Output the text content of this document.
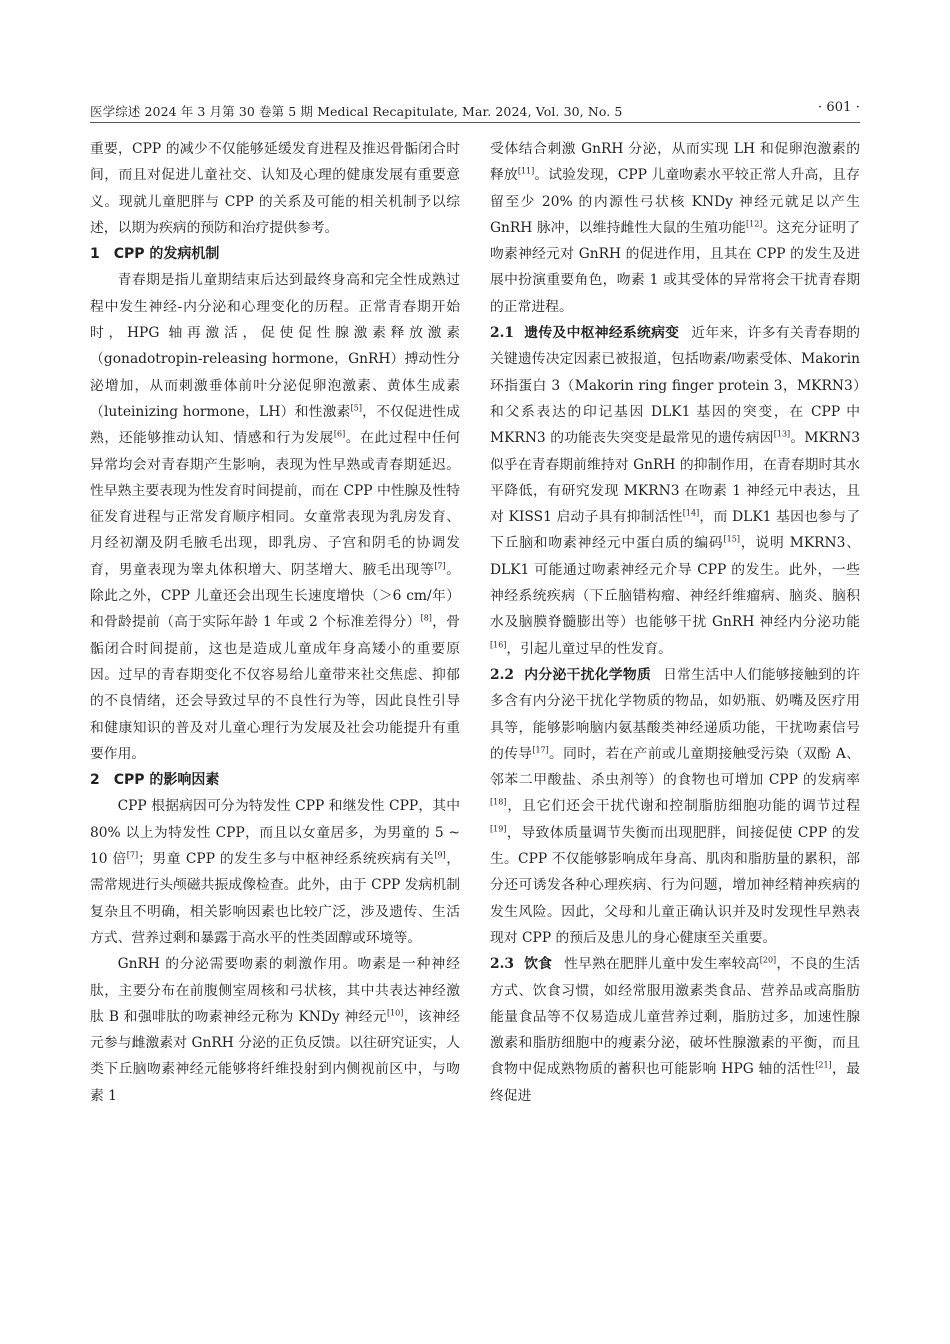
医学综述 2024 年 3 月第 30 卷第 5 期 Medical Recapitulate, Mar. 2024, Vol. 30, No. 5	· 601 ·

重要，CPP 的减少不仅能够延缓发育进程及推迟骨骺闭合时间，而且对促进儿童社交、认知及心理的健康发展有重要意义。现就儿童肥胖与 CPP 的关系及可能的相关机制予以综述，以期为疾病的预防和治疗提供参考。

1 CPP 的发病机制

青春期是指儿童期结束后达到最终身高和完全性成熟过程中发生神经-内分泌和心理变化的历程。正常青春期开始时，HPG 轴再激活，促使促性腺激素释放激素（gonadotropin-releasing hormone，GnRH）搏动性分泌增加，从而刺激垂体前叶分泌促卵泡激素、黄体生成素（luteinizing hormone，LH）和性激素[5]，不仅促进性成熟，还能够推动认知、情感和行为发展[6]。在此过程中任何异常均会对青春期产生影响，表现为性早熟或青春期延迟。性早熟主要表现为性发育时间提前，而在 CPP 中性腺及性特征发育进程与正常发育顺序相同。女童常表现为乳房发育、月经初潮及阴毛腋毛出现，即乳房、子宫和阴毛的协调发育，男童表现为睾丸体积增大、阴茎增大、腋毛出现等[7]。除此之外，CPP 儿童还会出现生长速度增快（＞6 cm/年）和骨龄提前（高于实际年龄 1 年或 2 个标准差得分）[8]，骨骺闭合时间提前，这也是造成儿童成年身高矮小的重要原因。过早的青春期变化不仅容易给儿童带来社交焦虑、抑郁的不良情绪，还会导致过早的不良性行为等，因此良性引导和健康知识的普及对儿童心理行为发展及社会功能提升有重要作用。

2 CPP 的影响因素

CPP 根据病因可分为特发性 CPP 和继发性 CPP，其中 80% 以上为特发性 CPP，而且以女童居多，为男童的 5 ~ 10 倍[7]；男童 CPP 的发生多与中枢神经系统疾病有关[9]，需常规进行头颅磁共振成像检查。此外，由于 CPP 发病机制复杂且不明确，相关影响因素也比较广泛，涉及遗传、生活方式、营养过剩和暴露于高水平的性类固醇或环境等。

GnRH 的分泌需要吻素的刺激作用。吻素是一种神经肽，主要分布在前腹侧室周核和弓状核，其中共表达神经激肽 B 和强啡肽的吻素神经元称为 KNDy 神经元[10]，该神经元参与雌激素对 GnRH 分泌的正负反馈。以往研究证实，人类下丘脑吻素神经元能够将纤维投射到内侧视前区中，与吻素 1

受体结合刺激 GnRH 分泌，从而实现 LH 和促卵泡激素的释放[11]。试验发现，CPP 儿童吻素水平较正常人升高，且存留至少 20% 的内源性弓状核 KNDy 神经元就足以产生 GnRH 脉冲，以维持雌性大鼠的生殖功能[12]。这充分证明了吻素神经元对 GnRH 的促进作用，且其在 CPP 的发生及进展中扮演重要角色，吻素 1 或其受体的异常将会干扰青春期的正常进程。

2.1 遗传及中枢神经系统病变 近年来，许多有关青春期的关键遗传决定因素已被报道，包括吻素/吻素受体、Makorin 环指蛋白 3（Makorin ring finger protein 3，MKRN3）和父系表达的印记基因 DLK1 基因的突变，在 CPP 中 MKRN3 的功能丧失突变是最常见的遗传病因[13]。MKRN3 似乎在青春期前维持对 GnRH 的抑制作用，在青春期时其水平降低，有研究发现 MKRN3 在吻素 1 神经元中表达，且对 KISS1 启动子具有抑制活性[14]，而 DLK1 基因也参与了下丘脑和吻素神经元中蛋白质的编码[15]，说明 MKRN3、DLK1 可能通过吻素神经元介导 CPP 的发生。此外，一些神经系统疾病（下丘脑错构瘤、神经纤维瘤病、脑炎、脑积水及脑膜脊髓膨出等）也能够干扰 GnRH 神经内分泌功能[16]，引起儿童过早的性发育。

2.2 内分泌干扰化学物质 日常生活中人们能够接触到的许多含有内分泌干扰化学物质的物品，如奶瓶、奶嘴及医疗用具等，能够影响脑内氨基酸类神经递质功能，干扰吻素信号的传导[17]。同时，若在产前或儿童期接触受污染（双酚 A、邻苯二甲酸盐、杀虫剂等）的食物也可增加 CPP 的发病率[18]，且它们还会干扰代谢和控制脂肪细胞功能的调节过程[19]，导致体质量调节失衡而出现肥胖，间接促使 CPP 的发生。CPP 不仅能够影响成年身高、肌肉和脂肪量的累积，部分还可诱发各种心理疾病、行为问题，增加神经精神疾病的发生风险。因此，父母和儿童正确认识并及时发现性早熟表现对 CPP 的预后及患儿的身心健康至关重要。

2.3 饮食 性早熟在肥胖儿童中发生率较高[20]，不良的生活方式、饮食习惯，如经常服用激素类食品、营养品或高脂肪能量食品等不仅易造成儿童营养过剩，脂肪过多，加速性腺激素和脂肪细胞中的瘦素分泌，破坏性腺激素的平衡，而且食物中促成熟物质的蓄积也可能影响 HPG 轴的活性[21]，最终促进
